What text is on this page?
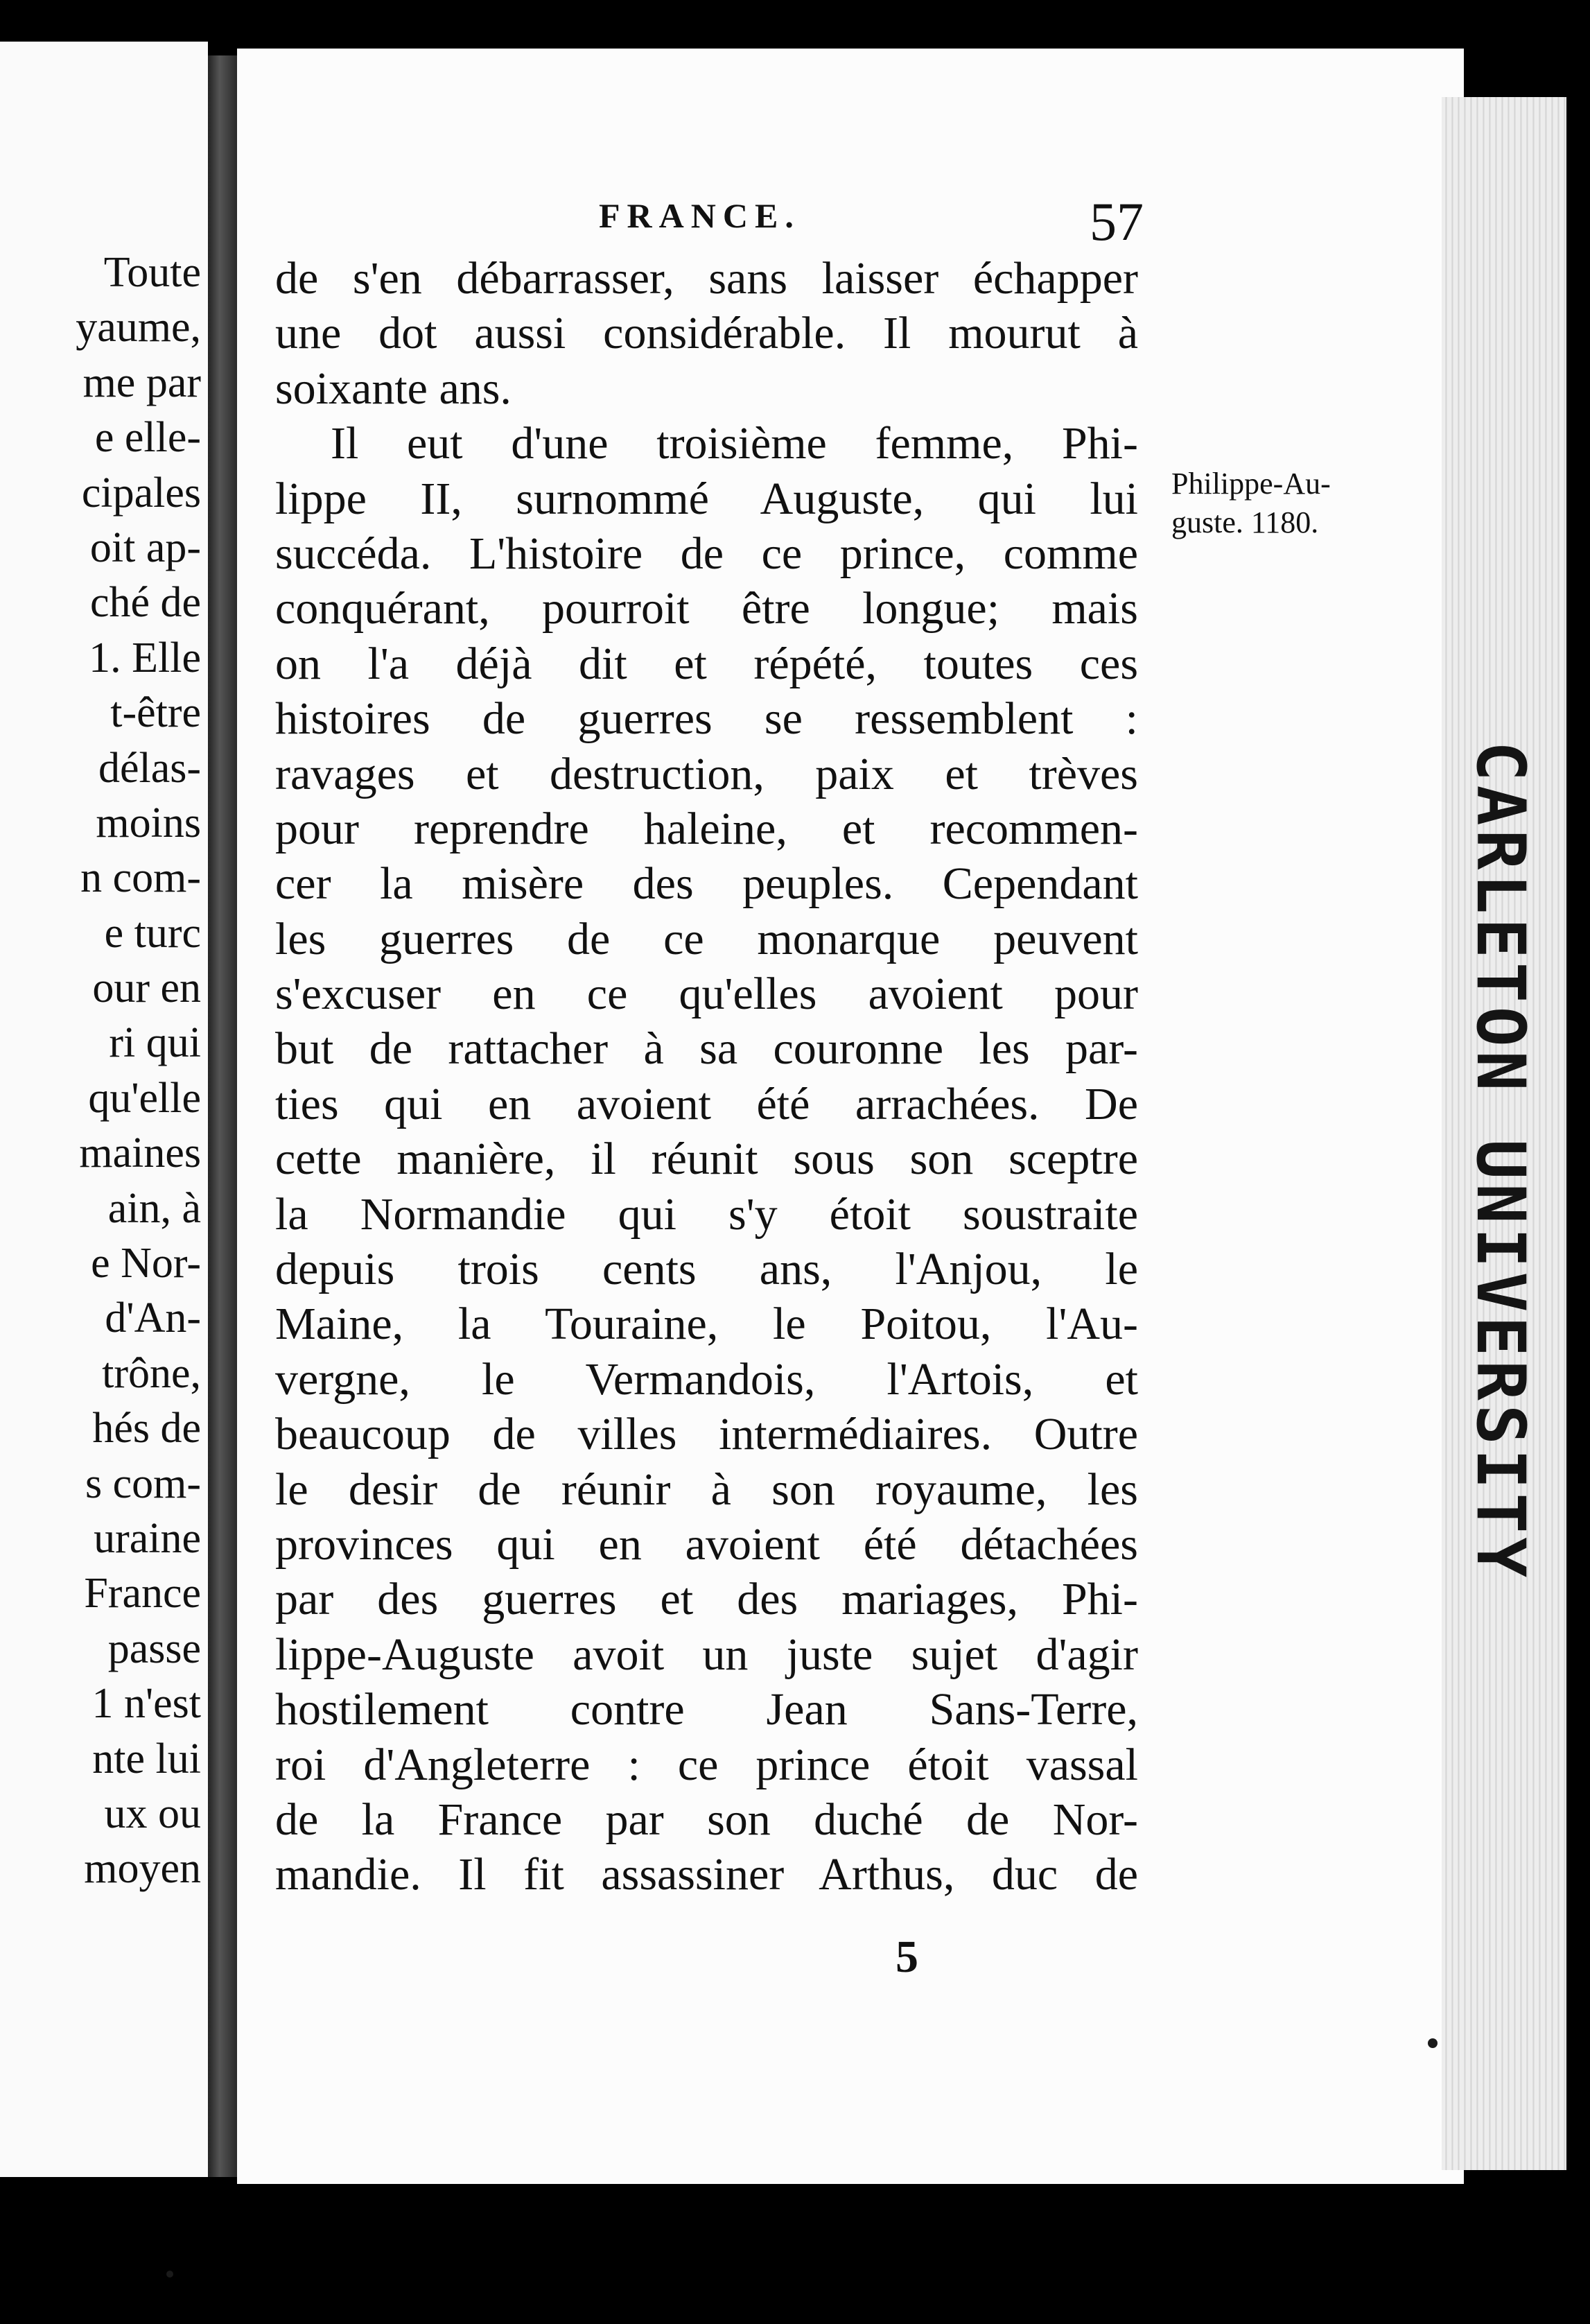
Toute
yaume,
me par
e elle-
cipales
oit ap-
ché de
1. Elle
t-être
délas-
moins
n com-
e turc
our en
ri qui
qu'elle
maines
ain, à
e Nor-
d'An-
trône,
hés de
s com-
uraine
France
passe
1 n'est
nte lui
ux ou
moyen
FRANCE.	57
de s'en débarrasser, sans laisser échapper
une dot aussi considérable. Il mourut à
soixante ans.
Il eut d'une troisième femme, Phi-
lippe II, surnommé Auguste, qui lui
succéda. L'histoire de ce prince, comme
conquérant, pourroit être longue; mais
on l'a déjà dit et répété, toutes ces
histoires de guerres se ressemblent :
ravages et destruction, paix et trèves
pour reprendre haleine, et recommen-
cer la misère des peuples. Cependant
les guerres de ce monarque peuvent
s'excuser en ce qu'elles avoient pour
but de rattacher à sa couronne les par-
ties qui en avoient été arrachées. De
cette manière, il réunit sous son sceptre
la Normandie qui s'y étoit soustraite
depuis trois cents ans, l'Anjou, le
Maine, la Touraine, le Poitou, l'Au-
vergne, le Vermandois, l'Artois, et
beaucoup de villes intermédiaires. Outre
le desir de réunir à son royaume, les
provinces qui en avoient été détachées
par des guerres et des mariages, Phi-
lippe-Auguste avoit un juste sujet d'agir
hostilement contre Jean Sans-Terre,
roi d'Angleterre : ce prince étoit vassal
de la France par son duché de Nor-
mandie. Il fit assassiner Arthus, duc de
Philippe-Au-
guste. 1180.
5
CARLETON UNIVERSITY
